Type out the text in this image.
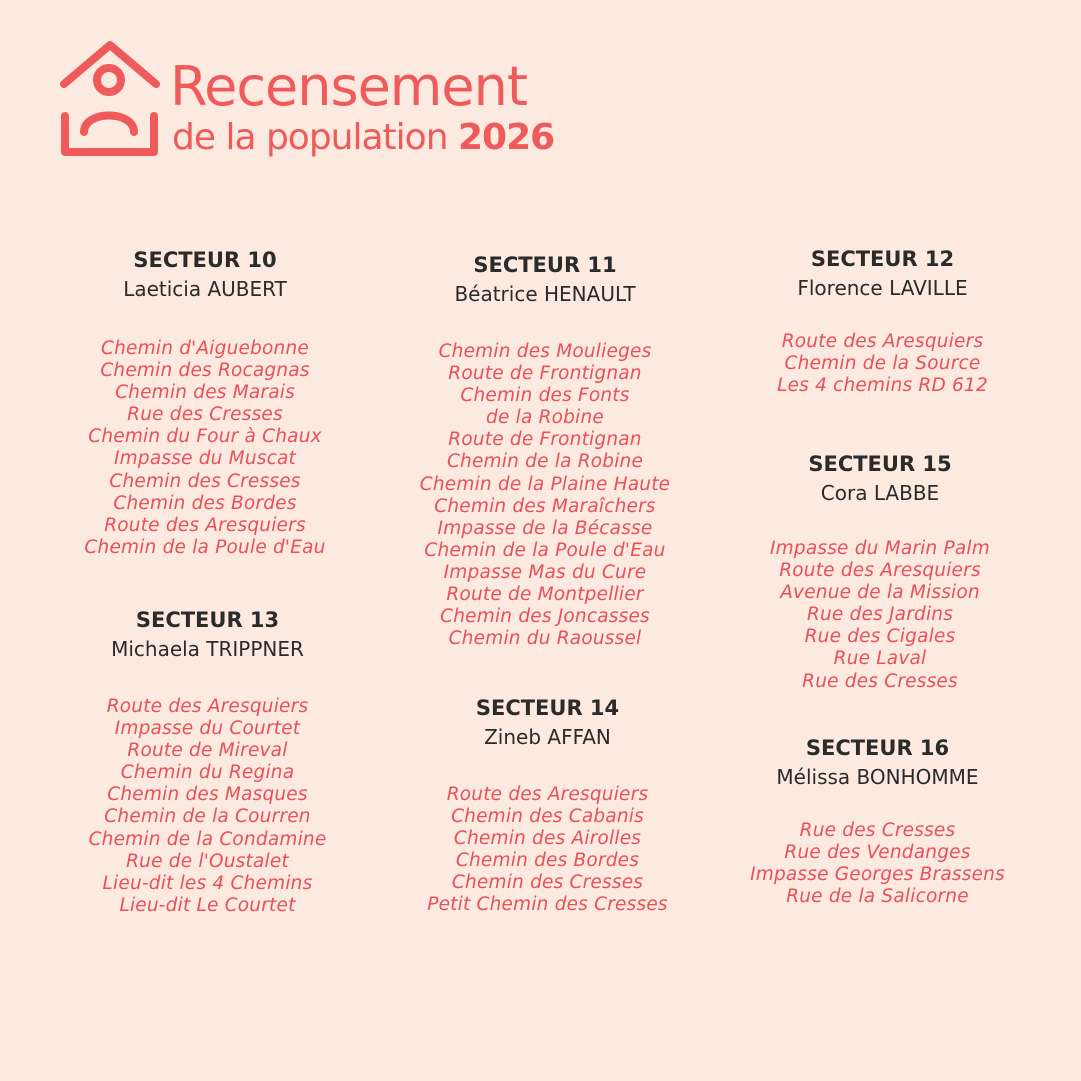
Recensement
de la population 2026
SECTEUR 10
Laeticia AUBERT
Chemin d'Aiguebonne
Chemin des Rocagnas
Chemin des Marais
Rue des Cresses
Chemin du Four à Chaux
Impasse du Muscat
Chemin des Cresses
Chemin des Bordes
Route des Aresquiers
Chemin de la Poule d'Eau
SECTEUR 11
Béatrice HENAULT
Chemin des Moulieges
Route de Frontignan
Chemin des Fonts
de la Robine
Route de Frontignan
Chemin de la Robine
Chemin de la Plaine Haute
Chemin des Maraîchers
Impasse de la Bécasse
Chemin de la Poule d'Eau
Impasse Mas du Cure
Route de Montpellier
Chemin des Joncasses
Chemin du Raoussel
SECTEUR 12
Florence LAVILLE
Route des Aresquiers
Chemin de la Source
Les 4 chemins RD 612
SECTEUR 13
Michaela TRIPPNER
Route des Aresquiers
Impasse du Courtet
Route de Mireval
Chemin du Regina
Chemin des Masques
Chemin de la Courren
Chemin de la Condamine
Rue de l'Oustalet
Lieu-dit les 4 Chemins
Lieu-dit Le Courtet
SECTEUR 14
Zineb AFFAN
Route des Aresquiers
Chemin des Cabanis
Chemin des Airolles
Chemin des Bordes
Chemin des Cresses
Petit Chemin des Cresses
SECTEUR 15
Cora LABBE
Impasse du Marin Palm
Route des Aresquiers
Avenue de la Mission
Rue des Jardins
Rue des Cigales
Rue Laval
Rue des Cresses
SECTEUR 16
Mélissa BONHOMME
Rue des Cresses
Rue des Vendanges
Impasse Georges Brassens
Rue de la Salicorne
